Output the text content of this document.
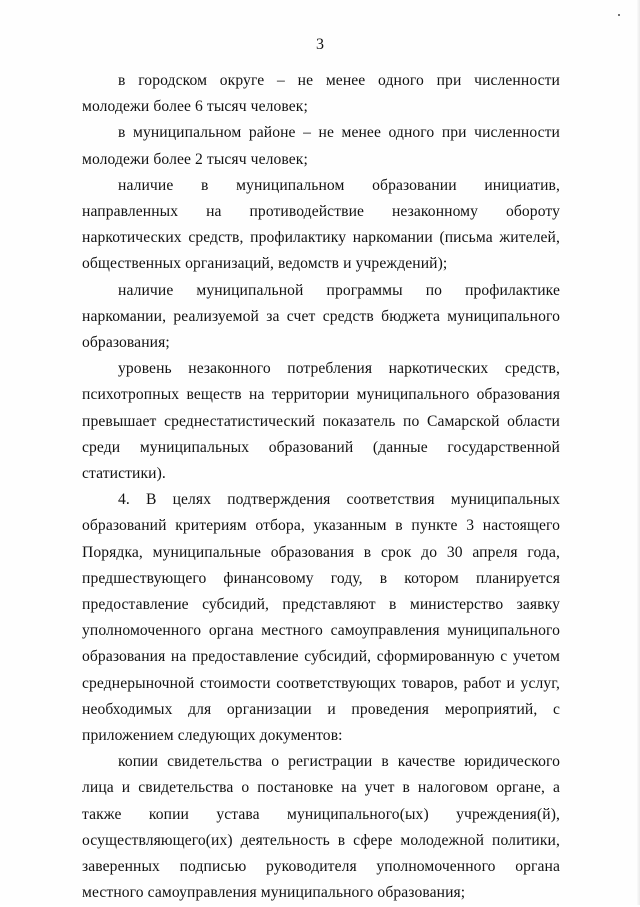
3

в городском округе – не менее одного при численности молодежи более 6 тысяч человек;

в муниципальном районе – не менее одного при численности молодежи более 2 тысяч человек;

наличие в муниципальном образовании инициатив, направленных на противодействие незаконному обороту наркотических средств, профилактику наркомании (письма жителей, общественных организаций, ведомств и учреждений);

наличие муниципальной программы по профилактике наркомании, реализуемой за счет средств бюджета муниципального образования;

уровень незаконного потребления наркотических средств, психотропных веществ на территории муниципального образования превышает среднестатистический показатель по Самарской области среди муниципальных образований (данные государственной статистики).

4. В целях подтверждения соответствия муниципальных образований критериям отбора, указанным в пункте 3 настоящего Порядка, муниципальные образования в срок до 30 апреля года, предшествующего финансовому году, в котором планируется предоставление субсидий, представляют в министерство заявку уполномоченного органа местного самоуправления муниципального образования на предоставление субсидий, сформированную с учетом среднерыночной стоимости соответствующих товаров, работ и услуг, необходимых для организации и проведения мероприятий, с приложением следующих документов:

копии свидетельства о регистрации в качестве юридического лица и свидетельства о постановке на учет в налоговом органе, а также копии устава муниципального(ых) учреждения(й), осуществляющего(их) деятельность в сфере молодежной политики, заверенных подписью руководителя уполномоченного органа местного самоуправления муниципального образования;
